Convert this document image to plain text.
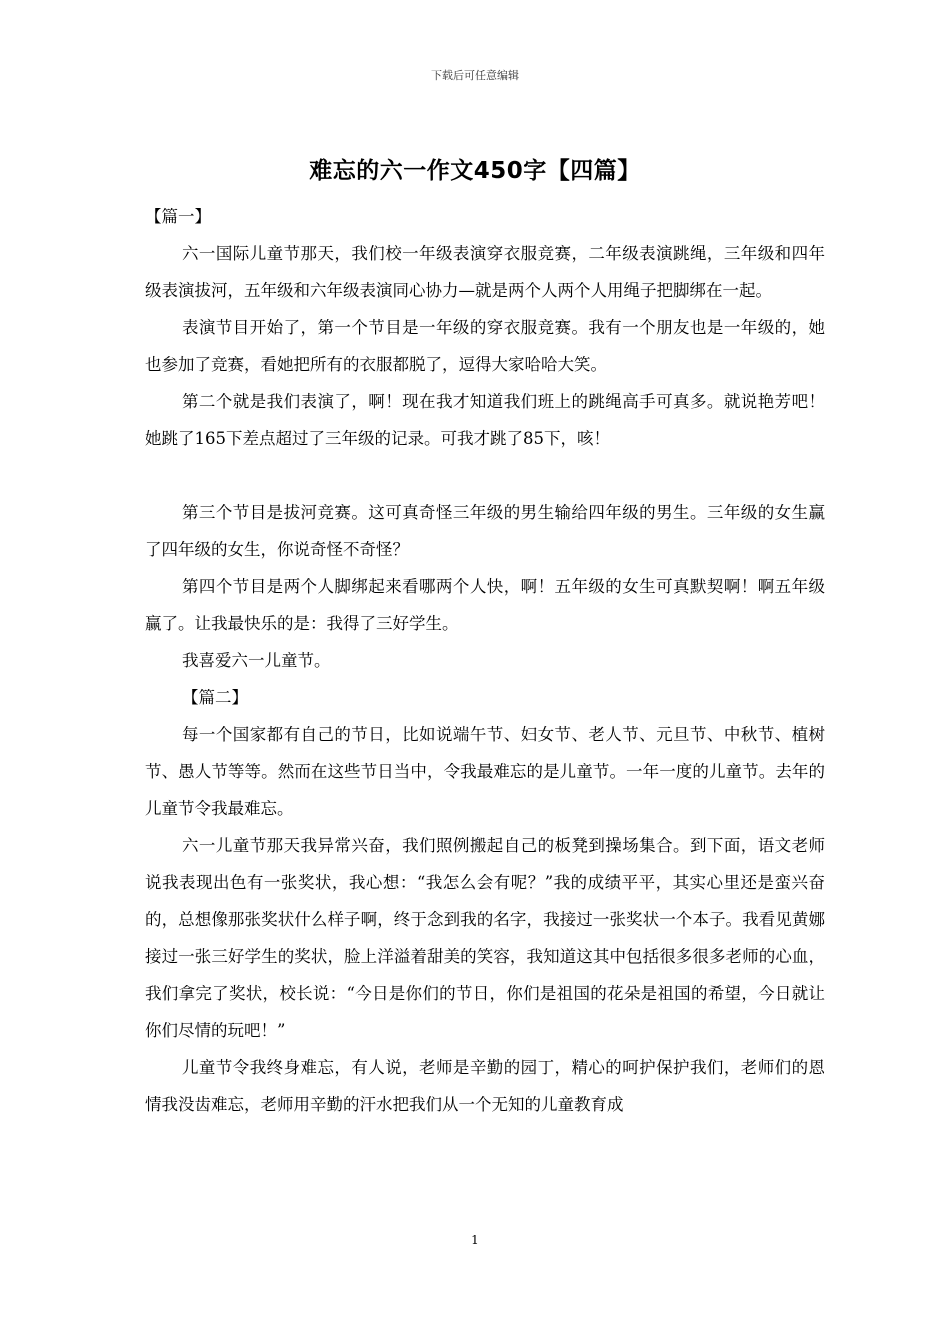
下载后可任意编辑
难忘的六一作文450字【四篇】

【篇一】

六一国际儿童节那天，我们校一年级表演穿衣服竞赛，二年级表演跳绳，三年级和四年级表演拔河，五年级和六年级表演同心协力—就是两个人两个人用绳子把脚绑在一起。

表演节目开始了，第一个节目是一年级的穿衣服竞赛。我有一个朋友也是一年级的，她也参加了竞赛，看她把所有的衣服都脱了，逗得大家哈哈大笑。

第二个就是我们表演了，啊！现在我才知道我们班上的跳绳高手可真多。就说艳芳吧！她跳了165下差点超过了三年级的记录。可我才跳了85下，咳！

第三个节目是拔河竞赛。这可真奇怪三年级的男生输给四年级的男生。三年级的女生赢了四年级的女生，你说奇怪不奇怪？

第四个节目是两个人脚绑起来看哪两个人快，啊！五年级的女生可真默契啊！啊五年级赢了。让我最快乐的是：我得了三好学生。

我喜爱六一儿童节。

【篇二】

每一个国家都有自己的节日，比如说端午节、妇女节、老人节、元旦节、中秋节、植树节、愚人节等等。然而在这些节日当中，令我最难忘的是儿童节。一年一度的儿童节。去年的儿童节令我最难忘。

六一儿童节那天我异常兴奋，我们照例搬起自己的板凳到操场集合。到下面，语文老师说我表现出色有一张奖状，我心想：“我怎么会有呢？”我的成绩平平，其实心里还是蛮兴奋的，总想像那张奖状什么样子啊，终于念到我的名字，我接过一张奖状一个本子。我看见黄娜接过一张三好学生的奖状，脸上洋溢着甜美的笑容，我知道这其中包括很多很多老师的心血，我们拿完了奖状，校长说：“今日是你们的节日，你们是祖国的花朵是祖国的希望，今日就让你们尽情的玩吧！”

儿童节令我终身难忘，有人说，老师是辛勤的园丁，精心的呵护保护我们，老师们的恩情我没齿难忘，老师用辛勤的汗水把我们从一个无知的儿童教育成

1
